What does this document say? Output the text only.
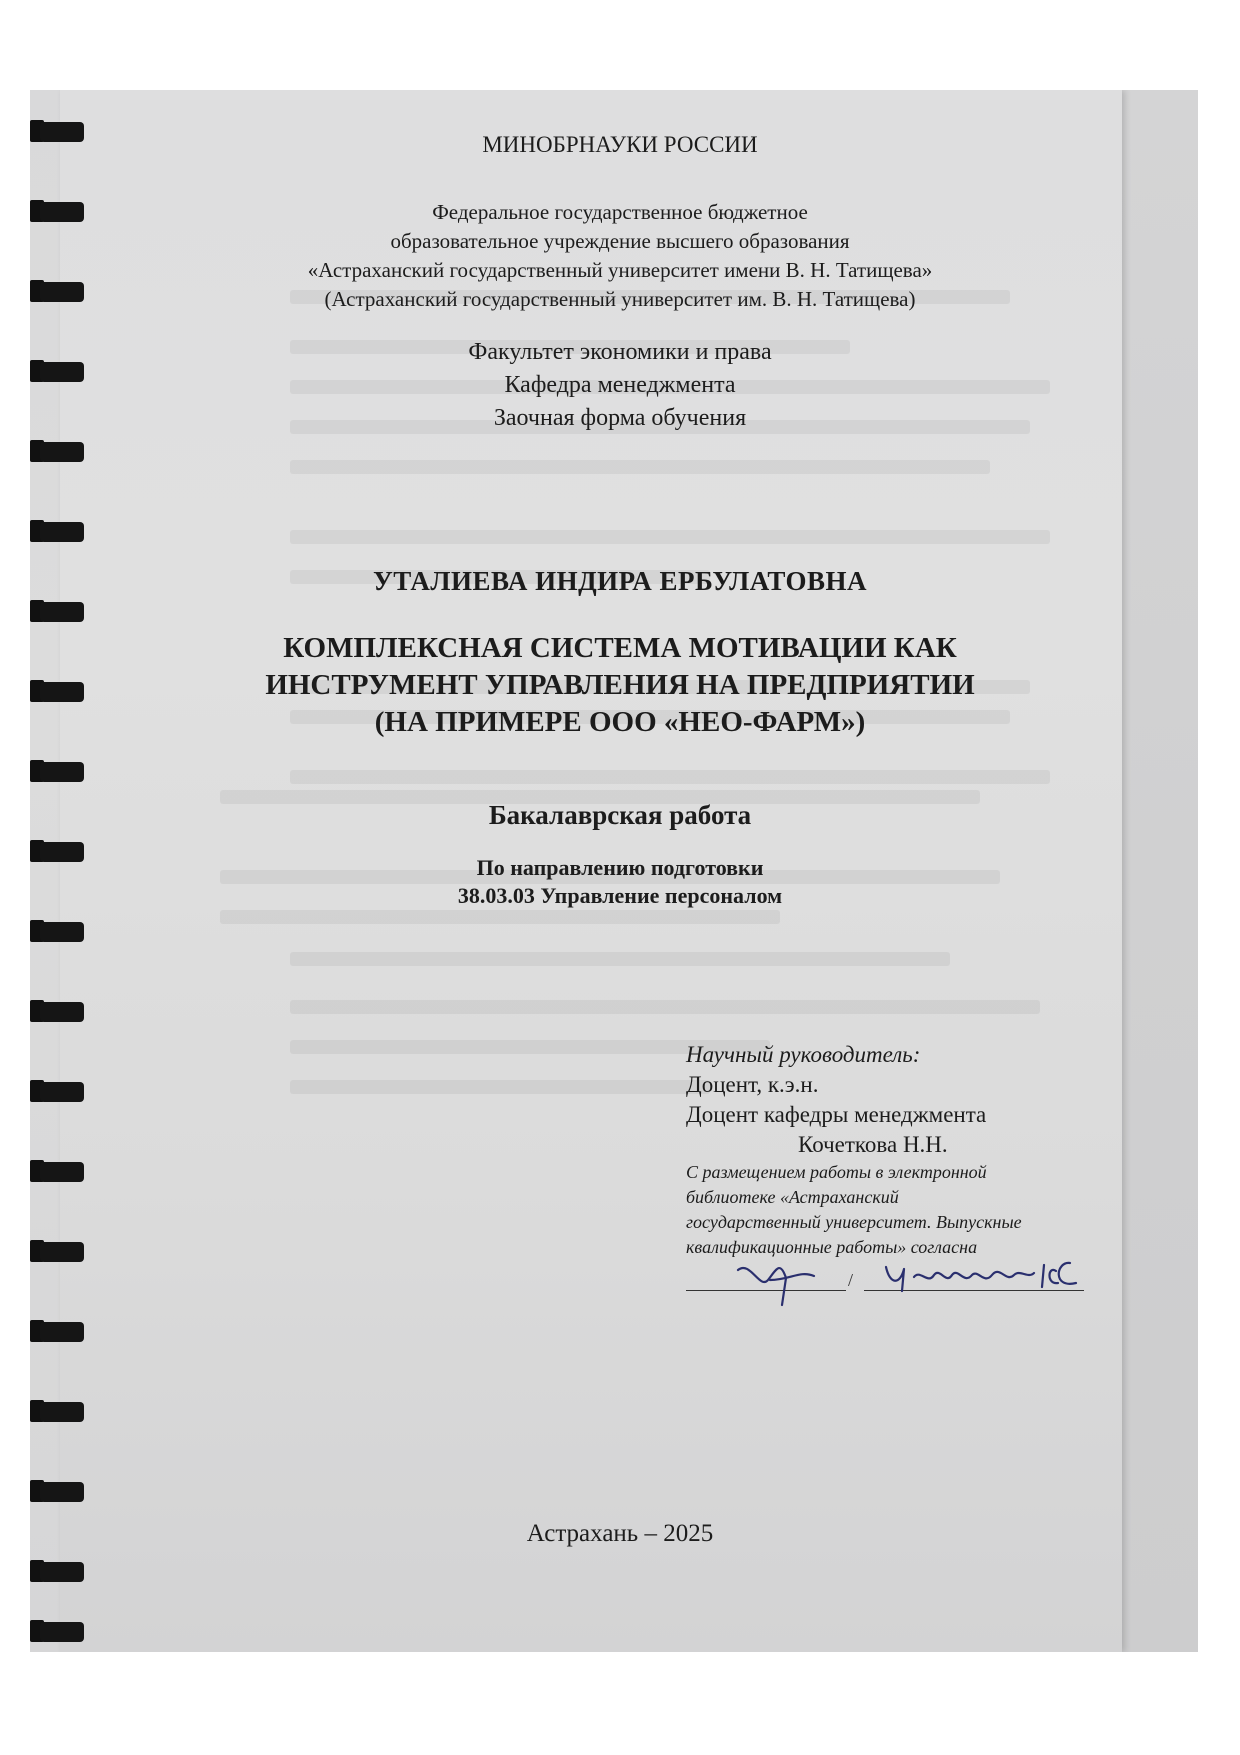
МИНОБРНАУКИ РОССИИ
Федеральное государственное бюджетное
образовательное учреждение высшего образования
«Астраханский государственный университет имени В. Н. Татищева»
(Астраханский государственный университет им. В. Н. Татищева)
Факультет экономики и права
Кафедра менеджмента
Заочная форма обучения
УТАЛИЕВА ИНДИРА ЕРБУЛАТОВНА
КОМПЛЕКСНАЯ СИСТЕМА МОТИВАЦИИ КАК
ИНСТРУМЕНТ УПРАВЛЕНИЯ НА ПРЕДПРИЯТИИ
(НА ПРИМЕРЕ ООО «НЕО-ФАРМ»)
Бакалаврская работа
По направлению подготовки
38.03.03 Управление персоналом
Научный руководитель:
Доцент, к.э.н.
Доцент кафедры менеджмента
Кочеткова Н.Н.
С размещением работы в электронной
библиотеке «Астраханский
государственный университет. Выпускные
квалификационные работы» согласна
/
Астрахань – 2025
